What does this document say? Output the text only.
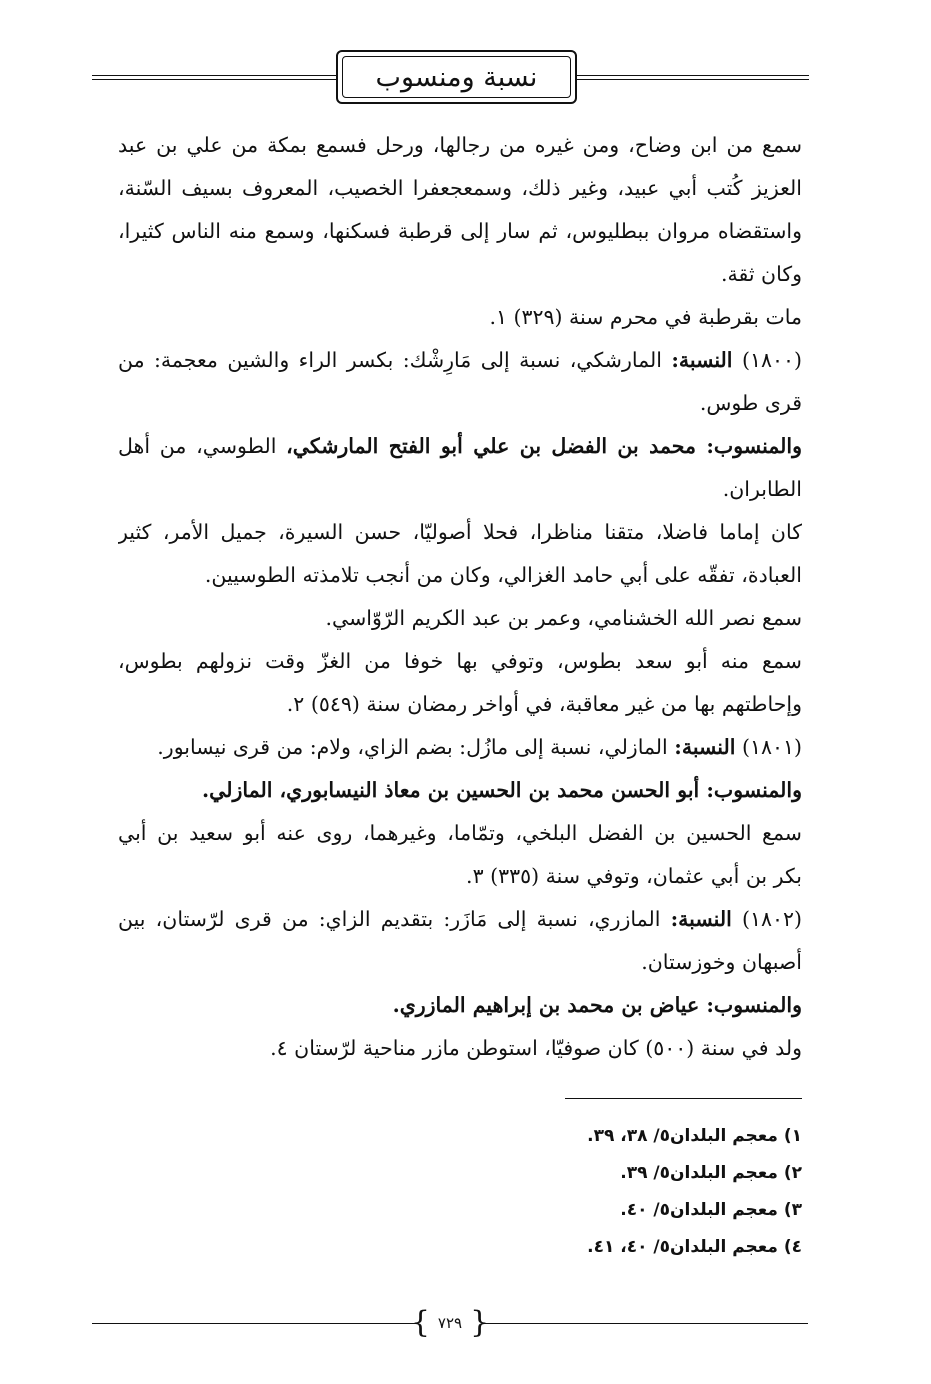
نسبة ومنسوب
سمع من ابن وضاح، ومن غيره من رجالها، ورحل فسمع بمكة من علي بن عبد
العزيز كُتب أبي عبيد، وغير ذلك، وسمعجعفرا الخصيب، المعروف بسيف السّنة،
واستقضاه مروان ببطليوس، ثم سار إلى قرطبة فسكنها، وسمع منه الناس كثيرا،
وكان ثقة.
مات بقرطبة في محرم سنة (٣٢٩) ١.
(١٨٠٠) النسبة: المارشكي، نسبة إلى مَارِشْك: بكسر الراء والشين معجمة: من
قرى طوس.
والمنسوب: محمد بن الفضل بن علي أبو الفتح المارشكي، الطوسي، من أهل
الطابران.
كان إماما فاضلا، متقنا مناظرا، فحلا أصوليّا، حسن السيرة، جميل الأمر، كثير
العبادة، تفقّه على أبي حامد الغزالي، وكان من أنجب تلامذته الطوسيين.
سمع نصر الله الخشنامي، وعمر بن عبد الكريم الرّوّاسي.
سمع منه أبو سعد بطوس، وتوفي بها خوفا من الغزّ وقت نزولهم بطوس،
وإحاطتهم بها من غير معاقبة، في أواخر رمضان سنة (٥٤٩) ٢.
(١٨٠١) النسبة: المازلي، نسبة إلى مازُل: بضم الزاي، ولام: من قرى نيسابور.
والمنسوب: أبو الحسن محمد بن الحسين بن معاذ النيسابوري، المازلي.
سمع الحسين بن الفضل البلخي، وتمّاما، وغيرهما، روى عنه أبو سعيد بن أبي
بكر بن أبي عثمان، وتوفي سنة (٣٣٥) ٣.
(١٨٠٢) النسبة: المازري، نسبة إلى مَازَر: بتقديم الزاي: من قرى لرّستان، بين
أصبهان وخوزستان.
والمنسوب: عياض بن محمد بن إبراهيم المازري.
ولد في سنة (٥٠٠) كان صوفيّا، استوطن مازر مناحية لرّستان ٤.
١) معجم البلدان٥/ ٣٨، ٣٩.
٢) معجم البلدان٥/ ٣٩.
٣) معجم البلدان٥/ ٤٠.
٤) معجم البلدان٥/ ٤٠، ٤١.
{ ٧٢٩ }
